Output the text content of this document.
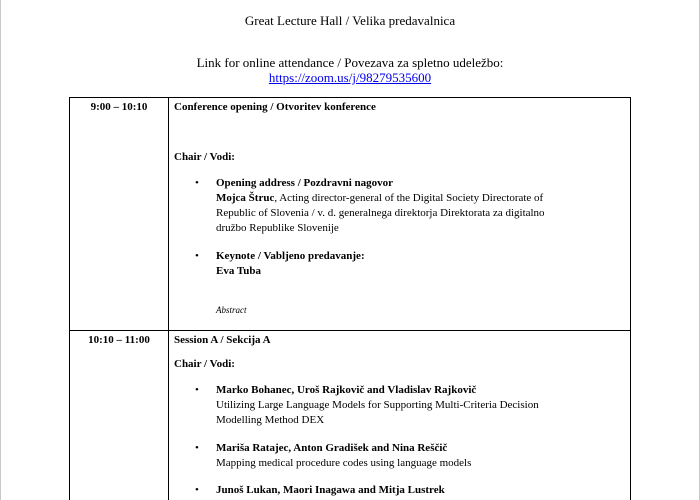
Great Lecture Hall / Velika predavalnica
Link for online attendance / Povezava za spletno udeležbo:
https://zoom.us/j/98279535600
9:00 – 10:10	Conference opening / Otvoritev konference
Chair / Vodi:
• Opening address / Pozdravni nagovor
Mojca Štruc, Acting director-general of the Digital Society Directorate of
Republic of Slovenia / v. d. generalnega direktorja Direktorata za digitalno
družbo Republike Slovenije
• Keynote / Vabljeno predavanje:
Eva Tuba
Abstract
10:10 – 11:00	Session A / Sekcija A
Chair / Vodi:
• Marko Bohanec, Uroš Rajkovič and Vladislav Rajkovič
Utilizing Large Language Models for Supporting Multi-Criteria Decision
Modelling Method DEX
• Mariša Ratajec, Anton Gradišek and Nina Reščič
Mapping medical procedure codes using language models
• Junoš Lukan, Maori Inagawa and Mitja Lustrek
